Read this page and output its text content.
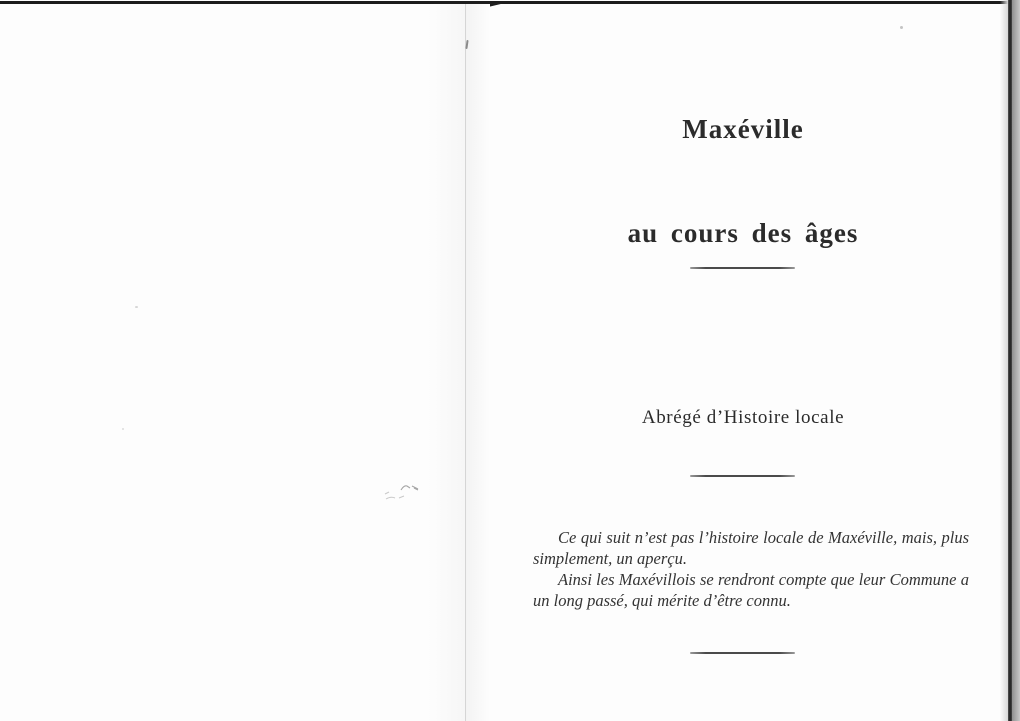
Maxéville
au cours des âges
Abrégé d’Histoire locale

Ce qui suit n’est pas l’histoire locale de Maxéville, mais, plus simplement, un aperçu.

Ainsi les Maxévillois se rendront compte que leur Commune a un long passé, qui mérite d’être connu.
